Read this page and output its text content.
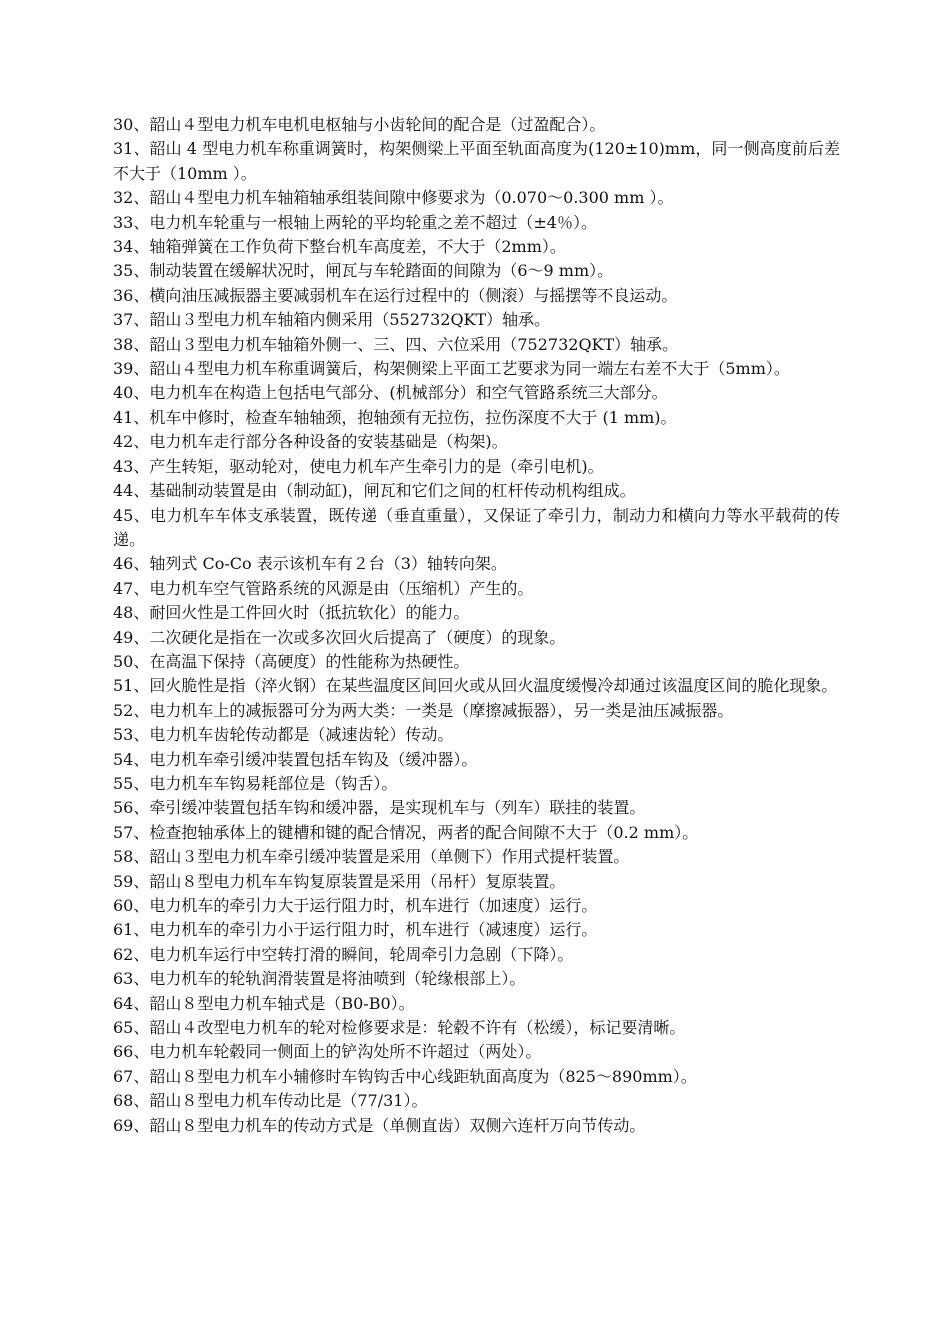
30、韶山４型电力机车电机电枢轴与小齿轮间的配合是（过盈配合）。

31、韶山 4 型电力机车称重调簧时，构架侧梁上平面至轨面高度为(120±10)mm，同一侧高度前后差不大于（10mm ）。

32、韶山４型电力机车轴箱轴承组装间隙中修要求为（0.070～0.300 mm ）。

33、电力机车轮重与一根轴上两轮的平均轮重之差不超过（±4％）。

34、轴箱弹簧在工作负荷下整台机车高度差，不大于（2mm）。

35、制动装置在缓解状况时，闸瓦与车轮踏面的间隙为（6～9 mm）。

36、横向油压减振器主要减弱机车在运行过程中的（侧滚）与摇摆等不良运动。

37、韶山３型电力机车轴箱内侧采用（552732QKT）轴承。

38、韶山３型电力机车轴箱外侧一、三、四、六位采用（752732QKT）轴承。

39、韶山４型电力机车称重调簧后，构架侧梁上平面工艺要求为同一端左右差不大于（5mm）。

40、电力机车在构造上包括电气部分、(机械部分）和空气管路系统三大部分。

41、机车中修时，检查车轴轴颈，抱轴颈有无拉伤，拉伤深度不大于 (1 mm)。

42、电力机车走行部分各种设备的安装基础是（构架)。

43、产生转矩，驱动轮对，使电力机车产生牵引力的是（牵引电机)。

44、基础制动装置是由（制动缸)，闸瓦和它们之间的杠杆传动机构组成。

45、电力机车车体支承装置，既传递（垂直重量），又保证了牵引力，制动力和横向力等水平载荷的传递。

46、轴列式 Co-Co 表示该机车有２台（3）轴转向架。

47、电力机车空气管路系统的风源是由（压缩机）产生的。

48、耐回火性是工件回火时（抵抗软化）的能力。

49、二次硬化是指在一次或多次回火后提高了（硬度）的现象。

50、在高温下保持（高硬度）的性能称为热硬性。

51、回火脆性是指（淬火钢）在某些温度区间回火或从回火温度缓慢冷却通过该温度区间的脆化现象。

52、电力机车上的减振器可分为两大类：一类是（摩擦减振器），另一类是油压减振器。

53、电力机车齿轮传动都是（减速齿轮）传动。

54、电力机车牵引缓冲装置包括车钩及（缓冲器）。

55、电力机车车钩易耗部位是（钩舌）。

56、牵引缓冲装置包括车钩和缓冲器，是实现机车与（列车）联挂的装置。

57、检查抱轴承体上的键槽和键的配合情况，两者的配合间隙不大于（0.2 mm）。

58、韶山３型电力机车牵引缓冲装置是采用（单侧下）作用式提杆装置。

59、韶山８型电力机车车钩复原装置是采用（吊杆）复原装置。

60、电力机车的牵引力大于运行阻力时，机车进行（加速度）运行。

61、电力机车的牵引力小于运行阻力时，机车进行（减速度）运行。

62、电力机车运行中空转打滑的瞬间，轮周牵引力急剧（下降）。

63、电力机车的轮轨润滑装置是将油喷到（轮缘根部上）。

64、韶山８型电力机车轴式是（B0-B0）。

65、韶山４改型电力机车的轮对检修要求是：轮毂不许有（松缓），标记要清晰。

66、电力机车轮毂同一侧面上的铲沟处所不许超过（两处）。

67、韶山８型电力机车小辅修时车钩钩舌中心线距轨面高度为（825～890mm）。

68、韶山８型电力机车传动比是（77/31）。

69、韶山８型电力机车的传动方式是（单侧直齿）双侧六连杆万向节传动。
